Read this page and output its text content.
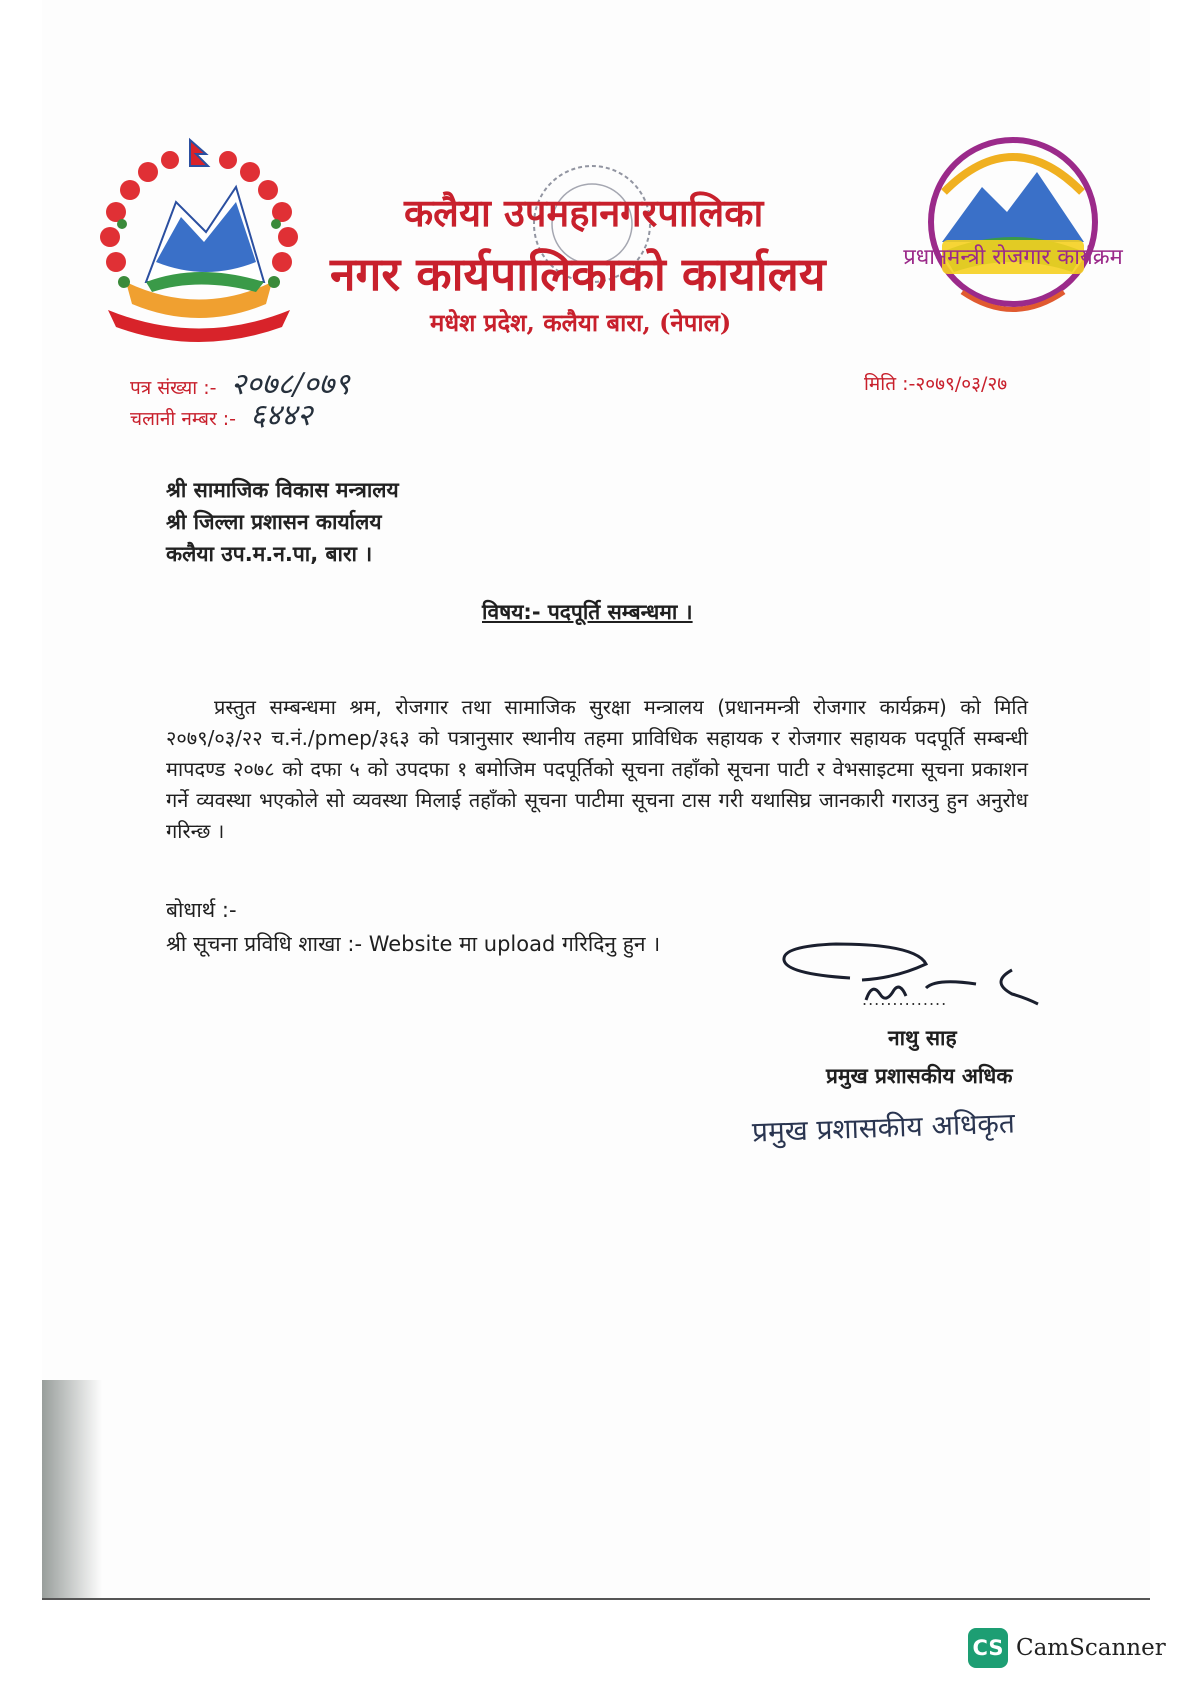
प्रधानमन्त्री रोजगार कार्यक्रम
कलैया उपमहानगरपालिका
नगर कार्यपालिकाको कार्यालय
मधेश प्रदेश, कलैया बारा, (नेपाल)
पत्र संख्या :- २०७८/०७९
चलानी नम्बर :- ६४४२
मिति :-२०७९/०३/२७
श्री सामाजिक विकास मन्त्रालय
श्री जिल्ला प्रशासन कार्यालय
कलैया उप.म.न.पा, बारा ।
विषय:- पदपूर्ति सम्बन्धमा ।
प्रस्तुत सम्बन्धमा श्रम, रोजगार तथा सामाजिक सुरक्षा मन्त्रालय (प्रधानमन्त्री रोजगार कार्यक्रम) को मिति २०७९/०३/२२ च.नं./pmep/३६३ को पत्रानुसार स्थानीय तहमा प्राविधिक सहायक र रोजगार सहायक पदपूर्ति सम्बन्धी मापदण्ड २०७८ को दफा ५ को उपदफा १ बमोजिम पदपूर्तिको सूचना तहाँको सूचना पाटी र वेभसाइटमा सूचना प्रकाशन गर्ने व्यवस्था भएकोले सो व्यवस्था मिलाई तहाँको सूचना पाटीमा सूचना टास गरी यथासिघ्र जानकारी गराउनु हुन अनुरोध गरिन्छ ।
बोधार्थ :-
श्री सूचना प्रविधि शाखा :- Website मा upload गरिदिनु हुन ।
..............
नाथु साह
प्रमुख प्रशासकीय अधिक
प्रमुख प्रशासकीय अधिकृत
CS CamScanner
